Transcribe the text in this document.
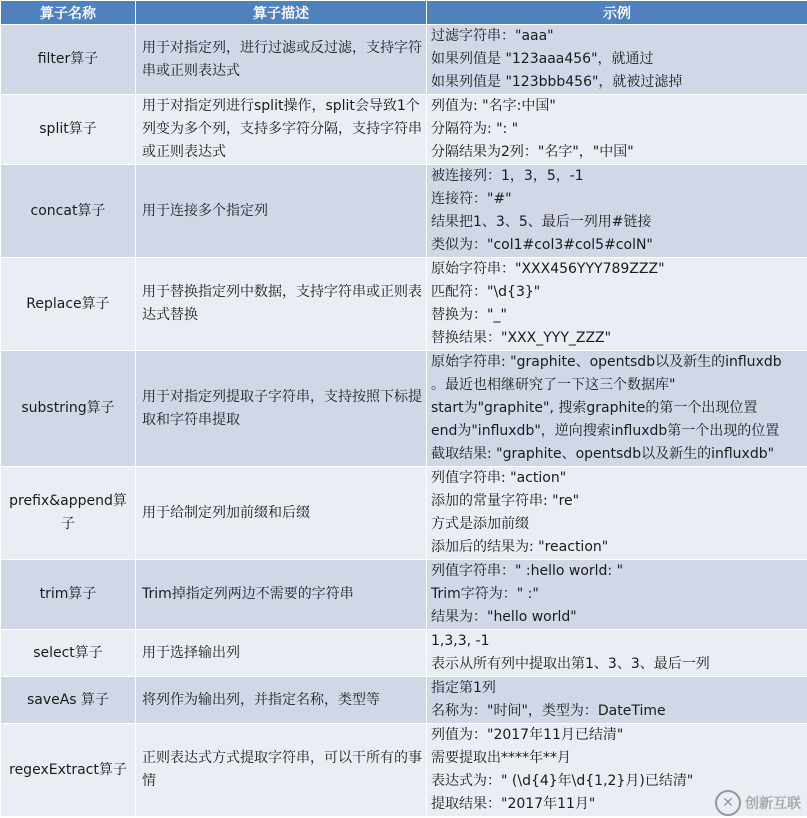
算子名称	算子描述	示例
filter算子	用于对指定列，进行过滤或反过滤，支持字符串或正则表达式	过滤字符串："aaa"
如果列值是 "123aaa456"，就通过
如果列值是 "123bbb456"，就被过滤掉

split算子	用于对指定列进行split操作，split会导致1个列变为多个列，支持多字符分隔，支持字符串或正则表达式	列值为: "名字:中国"
分隔符为: ": "
分隔结果为2列："名字"，"中国"

concat算子	用于连接多个指定列	被连接列：1，3，5，-1
连接符："#"
结果把1、3、5、最后一列用#链接
类似为："col1#col3#col5#colN"

Replace算子	用于替换指定列中数据，支持字符串或正则表达式替换	原始字符串："XXX456YYY789ZZZ"
匹配符："\d{3}"
替换为："_"
替换结果："XXX_YYY_ZZZ"

substring算子	用于对指定列提取子字符串，支持按照下标提取和字符串提取	原始字符串: "graphite、opentsdb以及新生的influxdb
。最近也相继研究了一下这三个数据库"
start为"graphite", 搜索graphite的第一个出现位置
end为"influxdb"，逆向搜索influxdb第一个出现的位置
截取结果: "graphite、opentsdb以及新生的influxdb"

prefix&append算子	用于给制定列加前缀和后缀	列值字符串: "action"
添加的常量字符串: "re"
方式是添加前缀
添加后的结果为: "reaction"

trim算子	Trim掉指定列两边不需要的字符串	列值字符串：" :hello world: "
Trim字符为：" :"
结果为："hello world"

select算子	用于选择输出列	1,3,3, -1
表示从所有列中提取出第1、3、3、最后一列

saveAs 算子	将列作为输出列，并指定名称，类型等	指定第1列
名称为："时间"，类型为：DateTime

regexExtract算子	正则表达式方式提取字符串，可以干所有的事情	列值为："2017年11月已结清"
需要提取出****年**月
表达式为：" (\d{4}年\d{1,2}月)已结清"
提取结果："2017年11月"	✕ 创新互联
